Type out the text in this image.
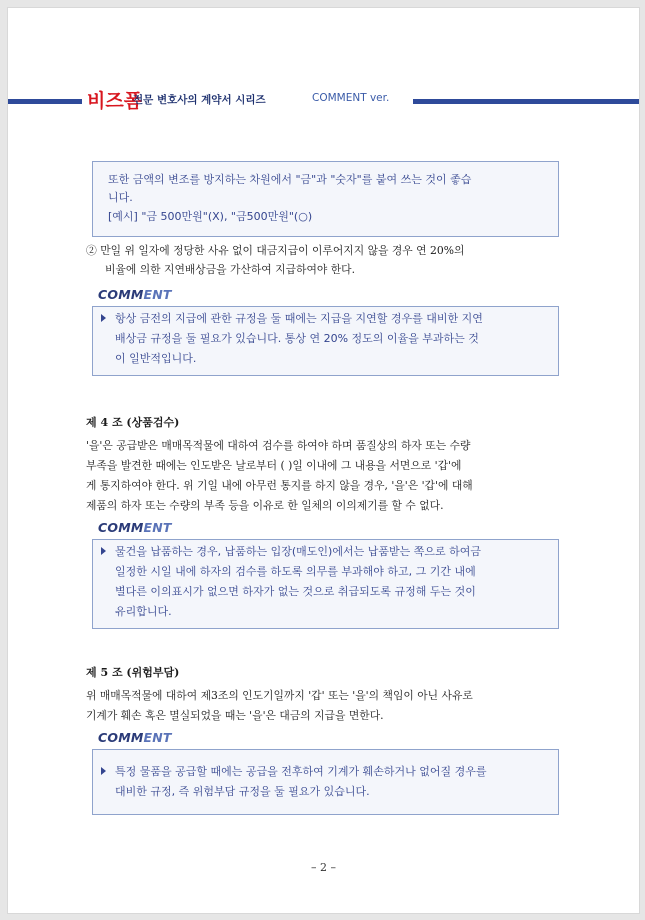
비즈폼
전문 변호사의 계약서 시리즈	COMMENT ver.
또한 금액의 변조를 방지하는 차원에서 "금"과 "숫자"를 붙여 쓰는 것이 좋습
니다.
[예시] "금 500만원"(X), "금500만원"(○)
② 만일 위 일자에 정당한 사유 없이 대금지급이 이루어지지 않을 경우 연 20%의
비율에 의한 지연배상금을 가산하여 지급하여야 한다.
COMMENT
항상 금전의 지급에 관한 규정을 둘 때에는 지급을 지연할 경우를 대비한 지연
배상금 규정을 둘 필요가 있습니다. 통상 연 20% 정도의 이율을 부과하는 것
이 일반적입니다.
제 4 조 (상품검수)
'을'은 공급받은 매매목적물에 대하여 검수를 하여야 하며 품질상의 하자 또는 수량
부족을 발견한 때에는 인도받은 날로부터 ( )일 이내에 그 내용을 서면으로 '갑'에
게 통지하여야 한다. 위 기일 내에 아무런 통지를 하지 않을 경우, '을'은 '갑'에 대해
제품의 하자 또는 수량의 부족 등을 이유로 한 일체의 이의제기를 할 수 없다.
COMMENT
물건을 납품하는 경우, 납품하는 입장(매도인)에서는 납품받는 쪽으로 하여금
일정한 시일 내에 하자의 검수를 하도록 의무를 부과해야 하고, 그 기간 내에
별다른 이의표시가 없으면 하자가 없는 것으로 취급되도록 규정해 두는 것이
유리합니다.
제 5 조 (위험부담)
위 매매목적물에 대하여 제3조의 인도기일까지 '갑' 또는 '을'의 책임이 아닌 사유로
기계가 훼손 혹은 멸실되었을 때는 '을'은 대금의 지급을 면한다.
COMMENT
특정 물품을 공급할 때에는 공급을 전후하여 기계가 훼손하거나 없어질 경우를
대비한 규정, 즉 위험부담 규정을 둘 필요가 있습니다.
– 2 –
